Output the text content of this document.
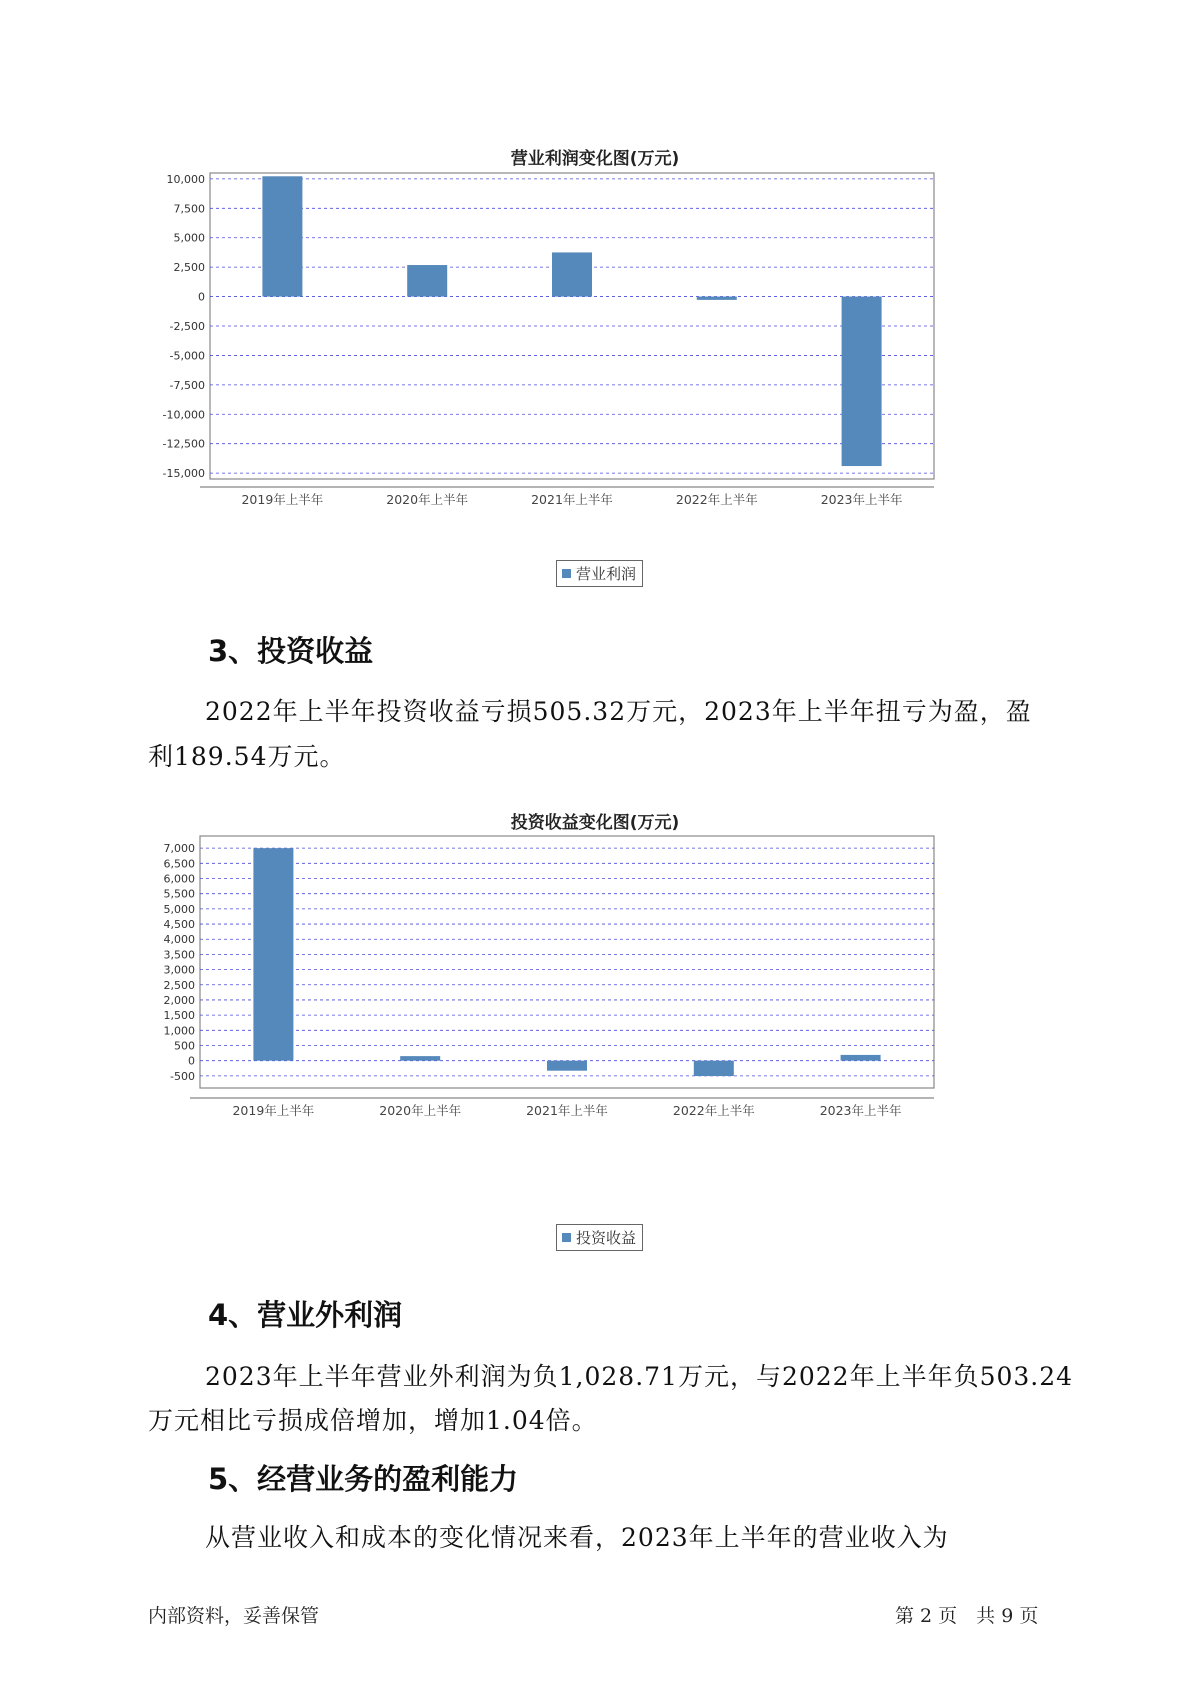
营业利润变化图(万元)
10,000
7,500
5,000
2,500
0
-2,500
-5,000
-7,500
-10,000
-12,500
-15,000
2019年上半年	2020年上半年	2021年上半年	2022年上半年	2023年上半年
营业利润
3、投资收益
2022年上半年投资收益亏损505.32万元，2023年上半年扭亏为盈，盈
利189.54万元。
投资收益变化图(万元)
7,000
6,500
6,000
5,500
5,000
4,500
4,000
3,500
3,000
2,500
2,000
1,500
1,000
500
0
-500
2019年上半年	2020年上半年	2021年上半年	2022年上半年	2023年上半年
投资收益
4、营业外利润
2023年上半年营业外利润为负1,028.71万元，与2022年上半年负503.24
万元相比亏损成倍增加，增加1.04倍。
5、经营业务的盈利能力
从营业收入和成本的变化情况来看，2023年上半年的营业收入为
内部资料，妥善保管	第 2 页　共 9 页
